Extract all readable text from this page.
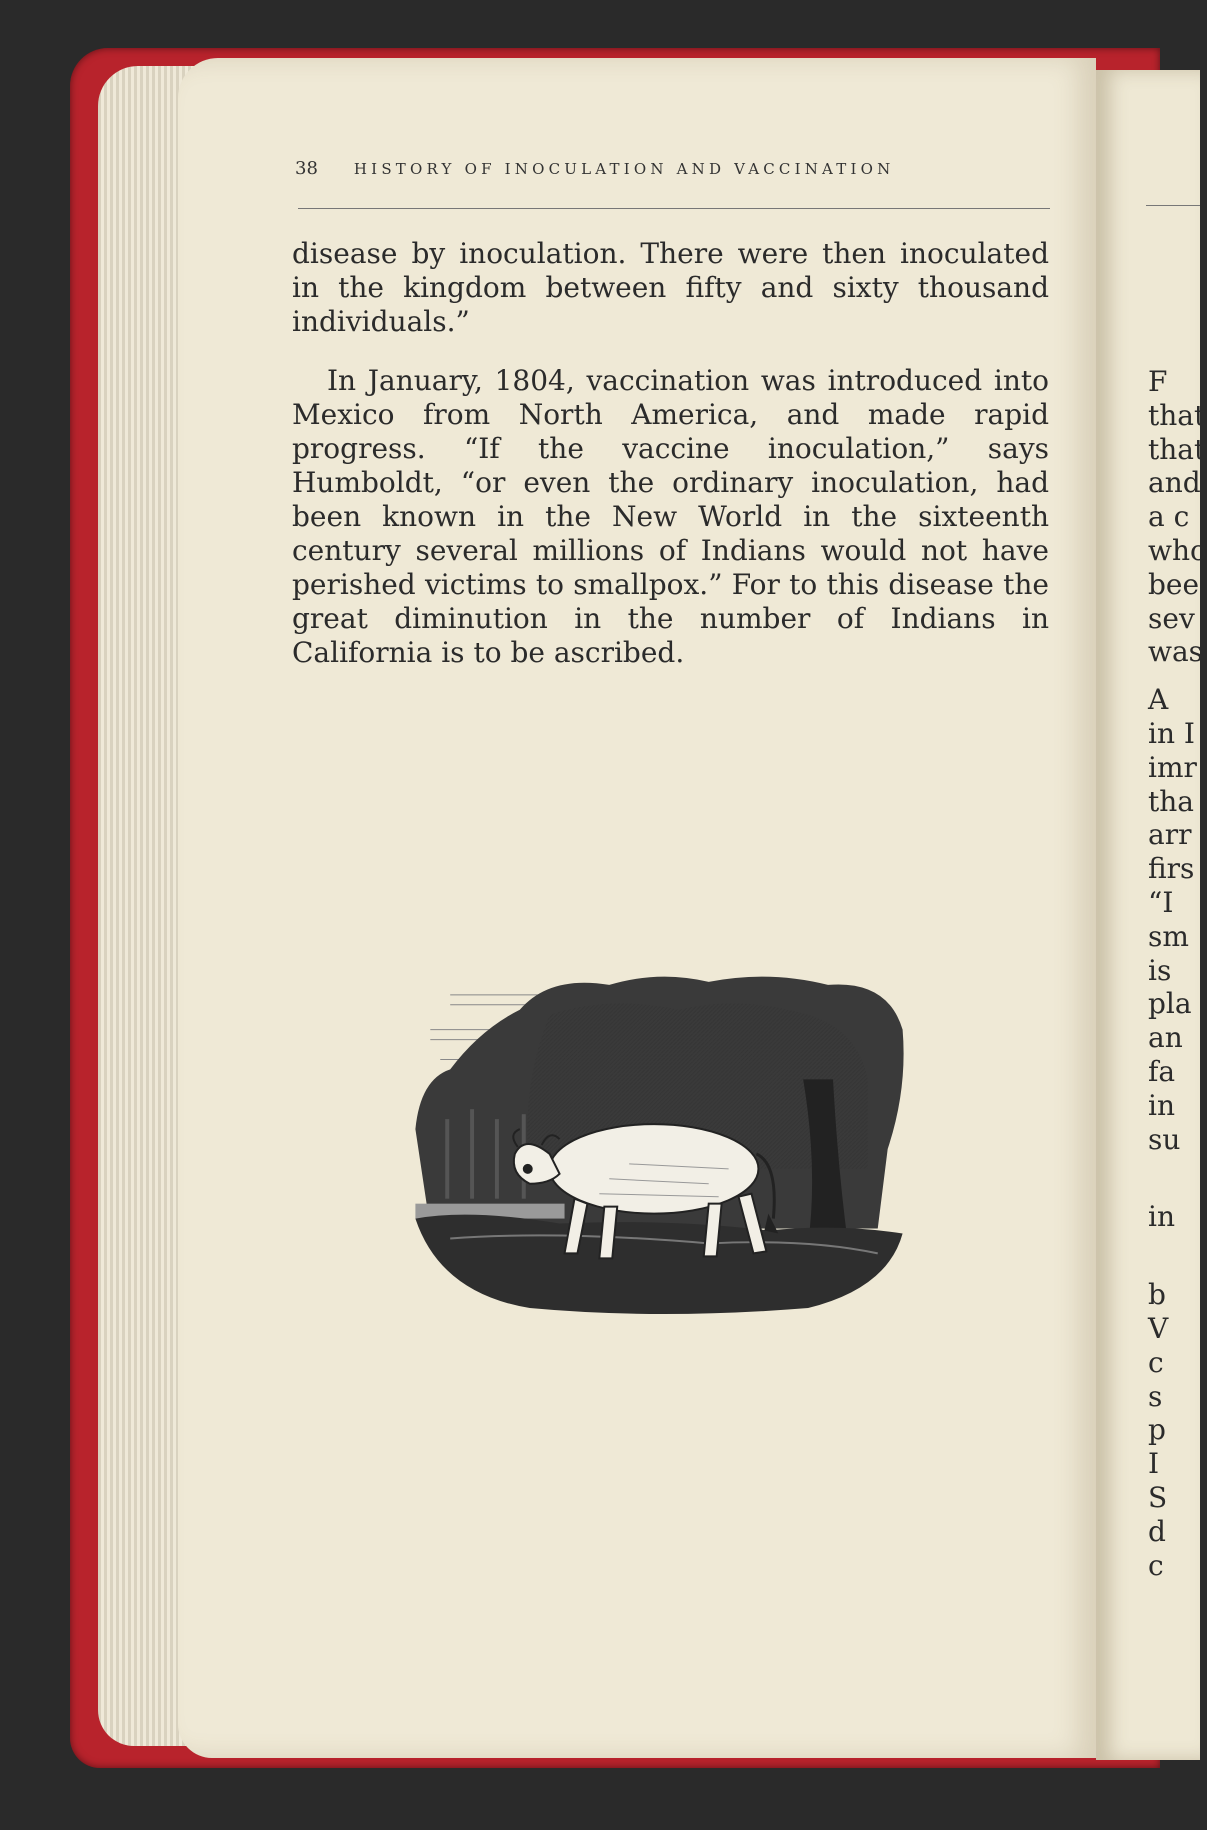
38 HISTORY OF INOCULATION AND VACCINATION

disease by inoculation. There were then inoculated in the kingdom between fifty and sixty thousand individuals.”

In January, 1804, vaccination was introduced into Mexico from North America, and made rapid progress. “If the vaccine inoculation,” says Humboldt, “or even the ordinary inoculation, had been known in the New World in the sixteenth century several millions of Indians would not have perished victims to smallpox.” For to this disease the great diminution in the number of Indians in California is to be ascribed.

F
that
that
and
a c
who
bee
sev
was
A
in I
imr
tha
arr
firs
“I
sm
is
pla
an
fa
in
su
in
b
V
c
s
p
I
S
d
c
